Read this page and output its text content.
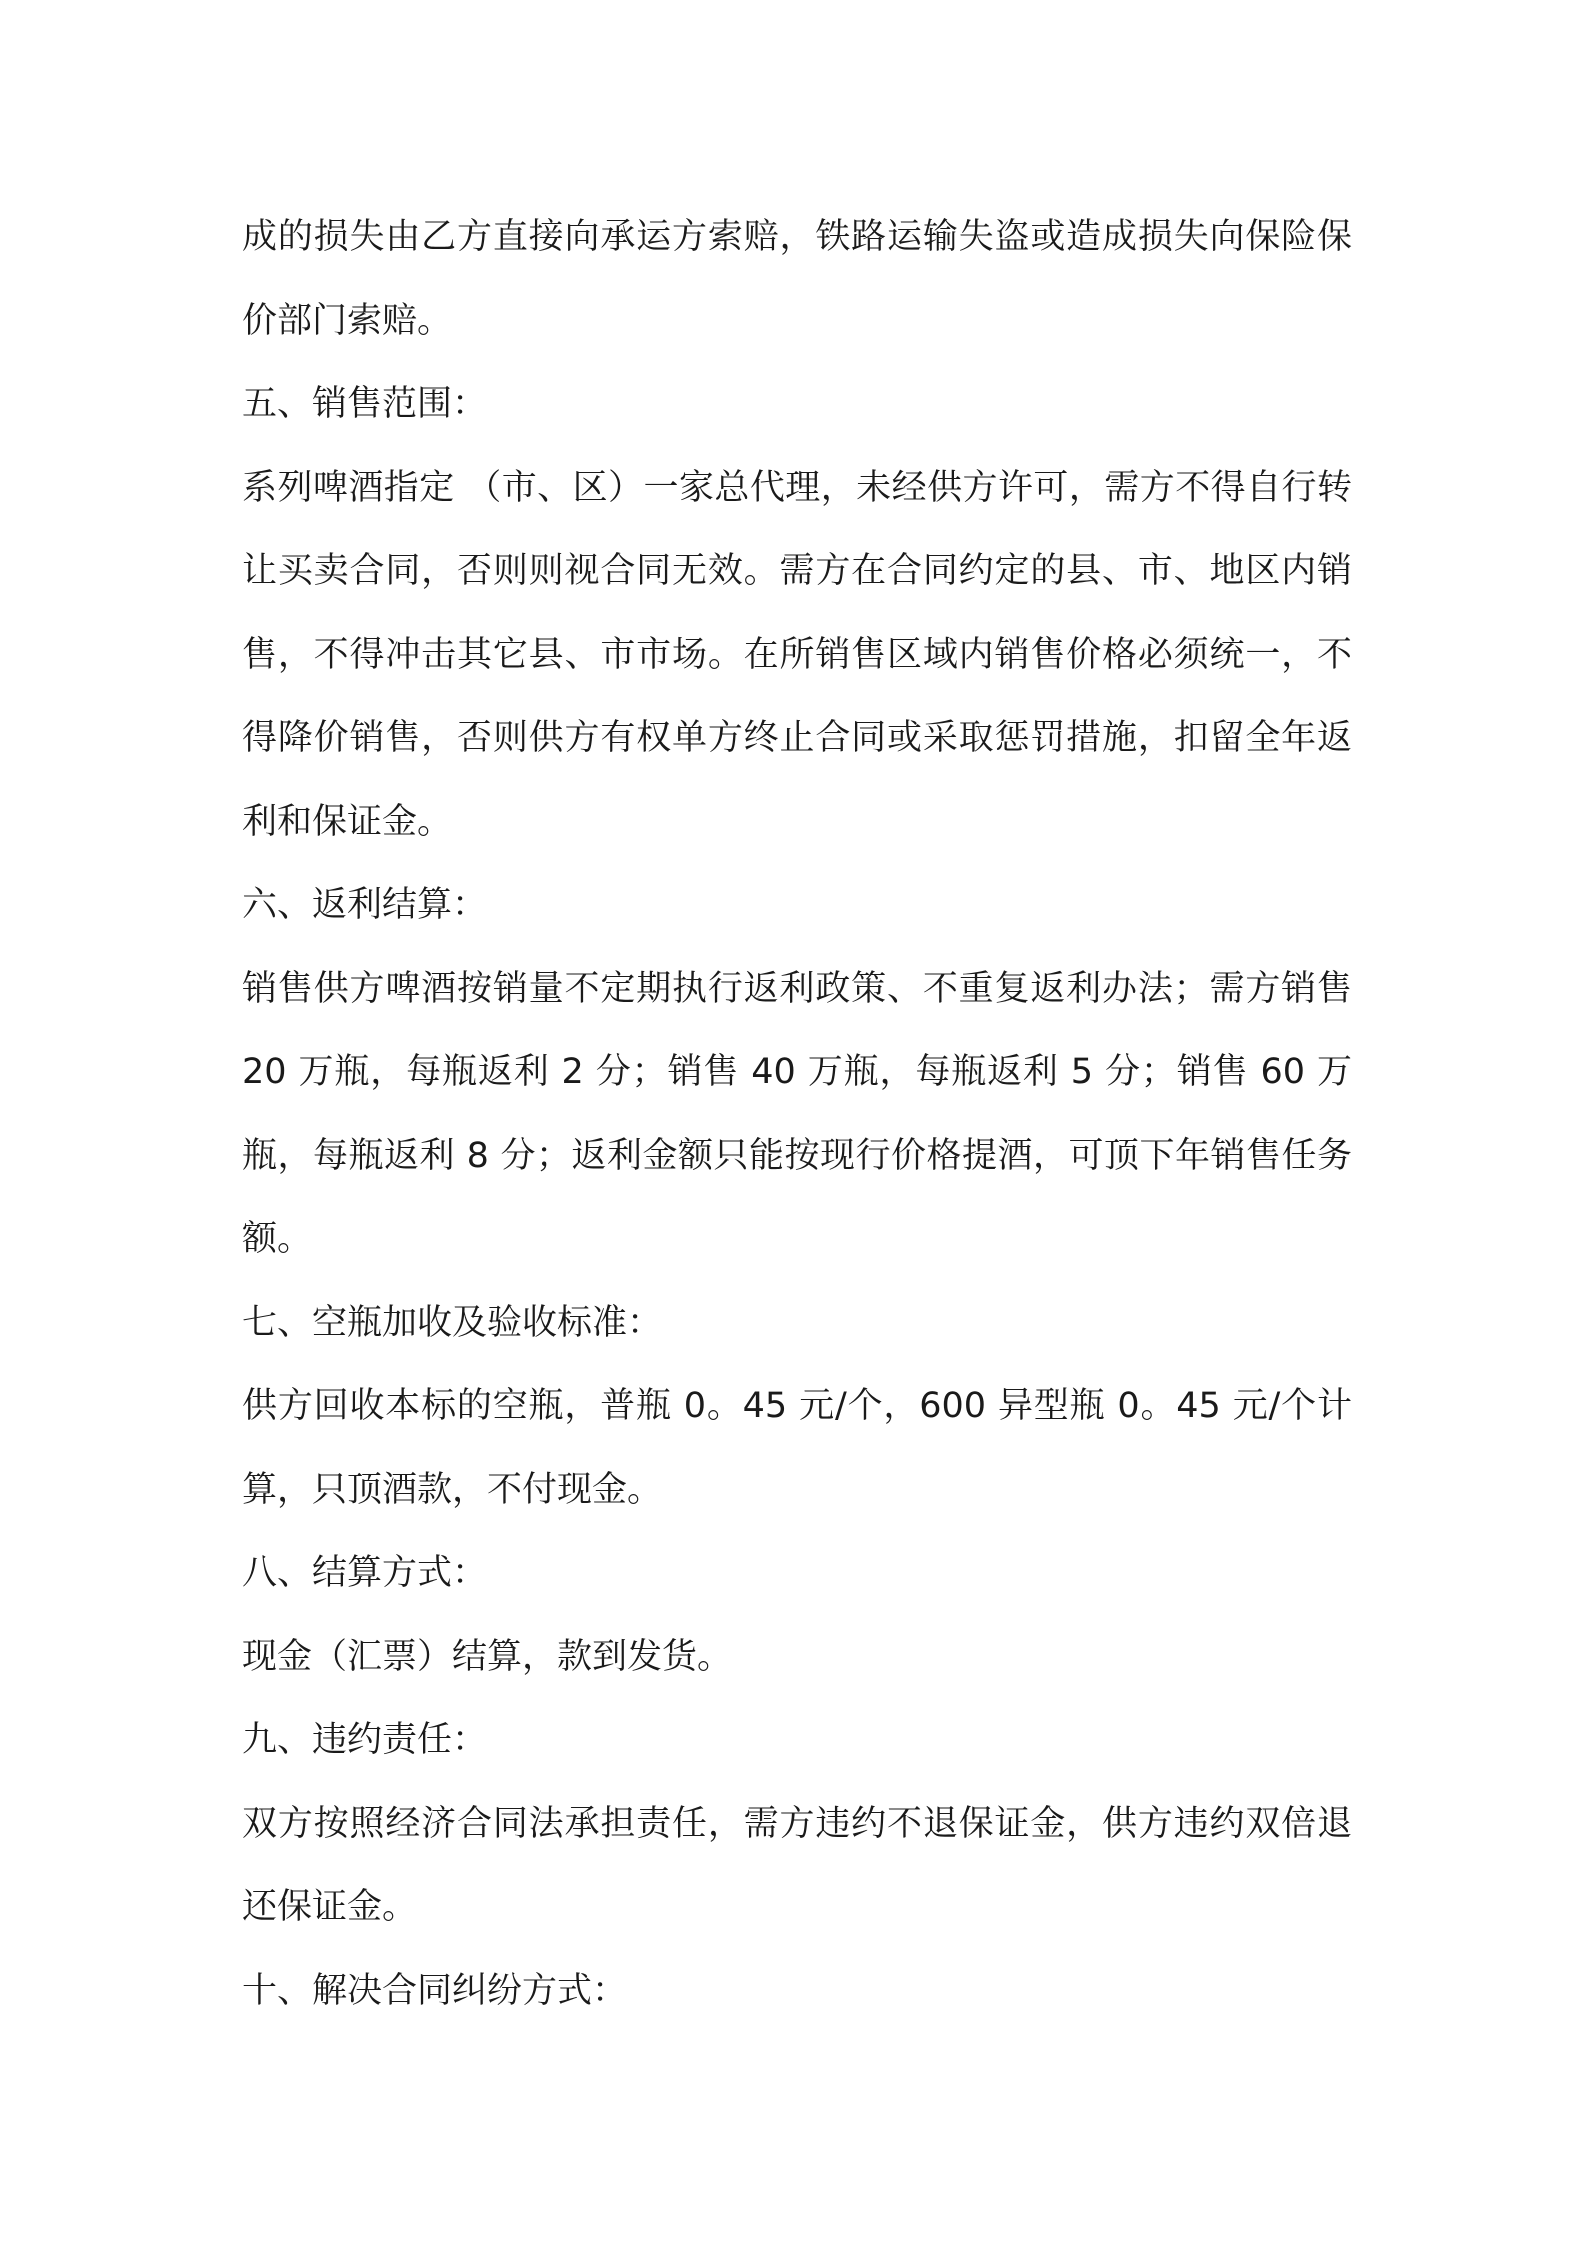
成的损失由乙方直接向承运方索赔，铁路运输失盗或造成损失向保险保价部门索赔。

五、销售范围：

系列啤酒指定 （市、区）一家总代理，未经供方许可，需方不得自行转让买卖合同，否则则视合同无效。需方在合同约定的县、市、地区内销售，不得冲击其它县、市市场。在所销售区域内销售价格必须统一，不得降价销售，否则供方有权单方终止合同或采取惩罚措施，扣留全年返利和保证金。

六、返利结算：

销售供方啤酒按销量不定期执行返利政策、不重复返利办法；需方销售 20 万瓶，每瓶返利 2 分；销售 40 万瓶，每瓶返利 5 分；销售 60 万瓶，每瓶返利 8 分；返利金额只能按现行价格提酒，可顶下年销售任务额。

七、空瓶加收及验收标准：

供方回收本标的空瓶，普瓶 0。45 元/个，600 异型瓶 0。45 元/个计算，只顶酒款，不付现金。

八、结算方式：

现金（汇票）结算，款到发货。

九、违约责任：

双方按照经济合同法承担责任，需方违约不退保证金，供方违约双倍退还保证金。

十、解决合同纠纷方式：
